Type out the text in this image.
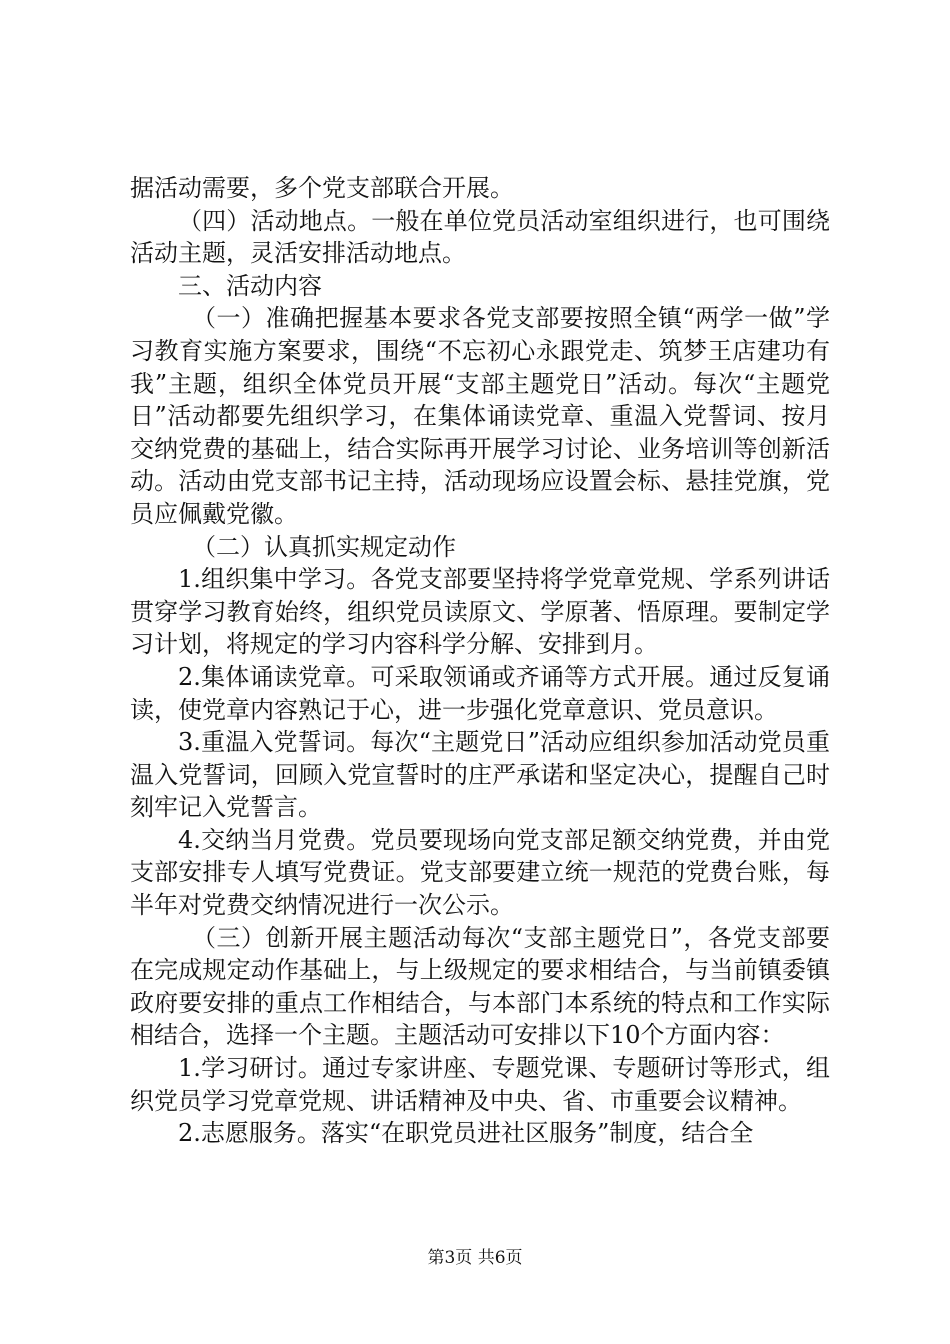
据活动需要，多个党支部联合开展。

（四）活动地点。一般在单位党员活动室组织进行，也可围绕活动主题，灵活安排活动地点。

三、活动内容

（一）准确把握基本要求各党支部要按照全镇“两学一做”学习教育实施方案要求，围绕“不忘初心永跟党走、筑梦王店建功有我”主题，组织全体党员开展“支部主题党日”活动。每次“主题党日”活动都要先组织学习，在集体诵读党章、重温入党誓词、按月交纳党费的基础上，结合实际再开展学习讨论、业务培训等创新活动。活动由党支部书记主持，活动现场应设置会标、悬挂党旗，党员应佩戴党徽。

（二）认真抓实规定动作

1.组织集中学习。各党支部要坚持将学党章党规、学系列讲话贯穿学习教育始终，组织党员读原文、学原著、悟原理。要制定学习计划，将规定的学习内容科学分解、安排到月。

2.集体诵读党章。可采取领诵或齐诵等方式开展。通过反复诵读，使党章内容熟记于心，进一步强化党章意识、党员意识。

3.重温入党誓词。每次“主题党日”活动应组织参加活动党员重温入党誓词，回顾入党宣誓时的庄严承诺和坚定决心，提醒自己时刻牢记入党誓言。

4.交纳当月党费。党员要现场向党支部足额交纳党费，并由党支部安排专人填写党费证。党支部要建立统一规范的党费台账，每半年对党费交纳情况进行一次公示。

（三）创新开展主题活动每次“支部主题党日”，各党支部要在完成规定动作基础上，与上级规定的要求相结合，与当前镇委镇政府要安排的重点工作相结合，与本部门本系统的特点和工作实际相结合，选择一个主题。主题活动可安排以下10个方面内容：

1.学习研讨。通过专家讲座、专题党课、专题研讨等形式，组织党员学习党章党规、讲话精神及中央、省、市重要会议精神。

2.志愿服务。落实“在职党员进社区服务”制度，结合全

第3页 共6页
